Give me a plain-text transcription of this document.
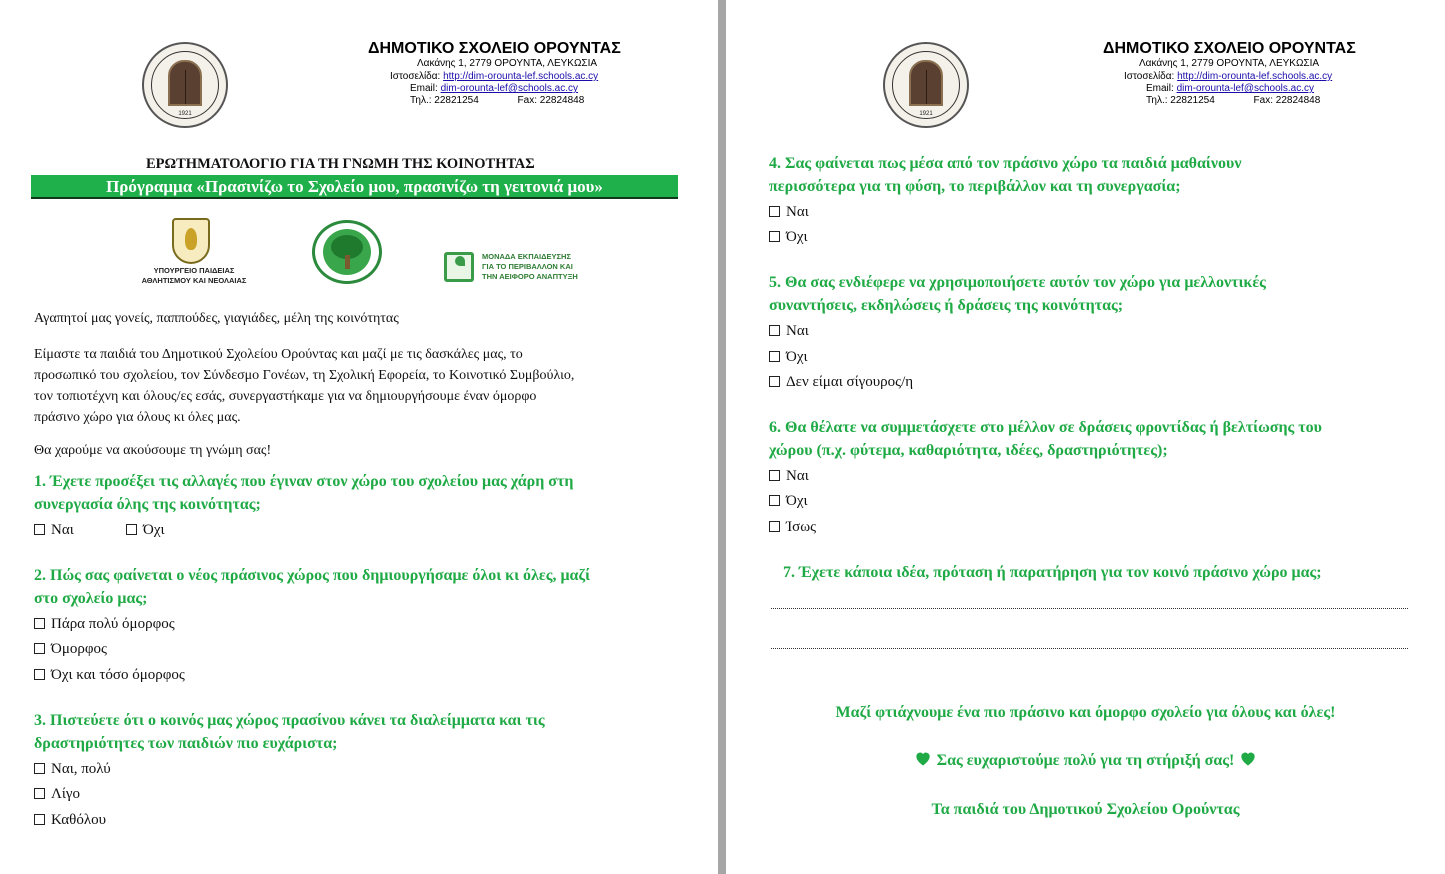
1921
ΔΗΜΟΤΙΚΟ ΣΧΟΛΕΙΟ ΟΡΟΥΝΤΑΣ
Λακάνης 1, 2779 ΟΡΟΥΝΤΑ, ΛΕΥΚΩΣΙΑ
Ιστοσελίδα: http://dim-orounta-lef.schools.ac.cy
Email: dim-orounta-lef@schools.ac.cy
Τηλ.: 22821254	Fax: 22824848
ΕΡΩΤΗΜΑΤΟΛΟΓΙΟ ΓΙΑ ΤΗ ΓΝΩΜΗ ΤΗΣ ΚΟΙΝΟΤΗΤΑΣ
Πρόγραμμα «Πρασινίζω το Σχολείο μου, πρασινίζω τη γειτονιά μου»
ΥΠΟΥΡΓΕΙΟ ΠΑΙΔΕΙΑΣ
ΑΘΛΗΤΙΣΜΟΥ ΚΑΙ ΝΕΟΛΑΙΑΣ
ΜΟΝΑΔΑ ΕΚΠΑΙΔΕΥΣΗΣ
ΓΙΑ ΤΟ ΠΕΡΙΒΑΛΛΟΝ ΚΑΙ
ΤΗΝ ΑΕΙΦΟΡΟ ΑΝΑΠΤΥΞΗ
Αγαπητοί μας γονείς, παππούδες, γιαγιάδες, μέλη της κοινότητας
Είμαστε τα παιδιά του Δημοτικού Σχολείου Ορούντας και μαζί με τις δασκάλες μας, το
προσωπικό του σχολείου, τον Σύνδεσμο Γονέων, τη Σχολική Εφορεία, το Κοινοτικό Συμβούλιο,
τον τοπιοτέχνη και όλους/ες εσάς, συνεργαστήκαμε για να δημιουργήσουμε έναν όμορφο
πράσινο χώρο για όλους κι όλες μας.
Θα χαρούμε να ακούσουμε τη γνώμη σας!
1. Έχετε προσέξει τις αλλαγές που έγιναν στον χώρο του σχολείου μας χάρη στη
συνεργασία όλης της κοινότητας;
Ναι	Όχι
2. Πώς σας φαίνεται ο νέος πράσινος χώρος που δημιουργήσαμε όλοι κι όλες, μαζί
στο σχολείο μας;
Πάρα πολύ όμορφος
Όμορφος
Όχι και τόσο όμορφος
3. Πιστεύετε ότι ο κοινός μας χώρος πρασίνου κάνει τα διαλείμματα και τις
δραστηριότητες των παιδιών πιο ευχάριστα;
Ναι, πολύ
Λίγο
Καθόλου
1921
ΔΗΜΟΤΙΚΟ ΣΧΟΛΕΙΟ ΟΡΟΥΝΤΑΣ
Λακάνης 1, 2779 ΟΡΟΥΝΤΑ, ΛΕΥΚΩΣΙΑ
Ιστοσελίδα: http://dim-orounta-lef.schools.ac.cy
Email: dim-orounta-lef@schools.ac.cy
Τηλ.: 22821254	Fax: 22824848
4. Σας φαίνεται πως μέσα από τον πράσινο χώρο τα παιδιά μαθαίνουν
περισσότερα για τη φύση, το περιβάλλον και τη συνεργασία;
Ναι
Όχι
5. Θα σας ενδιέφερε να χρησιμοποιήσετε αυτόν τον χώρο για μελλοντικές
συναντήσεις, εκδηλώσεις ή δράσεις της κοινότητας;
Ναι
Όχι
Δεν είμαι σίγουρος/η
6. Θα θέλατε να συμμετάσχετε στο μέλλον σε δράσεις φροντίδας ή βελτίωσης του
χώρου (π.χ. φύτεμα, καθαριότητα, ιδέες, δραστηριότητες);
Ναι
Όχι
Ίσως
7. Έχετε κάποια ιδέα, πρόταση ή παρατήρηση για τον κοινό πράσινο χώρο μας;
Μαζί φτιάχνουμε ένα πιο πράσινο και όμορφο σχολείο για όλους και όλες!
Σας ευχαριστούμε πολύ για τη στήριξή σας!
Τα παιδιά του Δημοτικού Σχολείου Ορούντας
